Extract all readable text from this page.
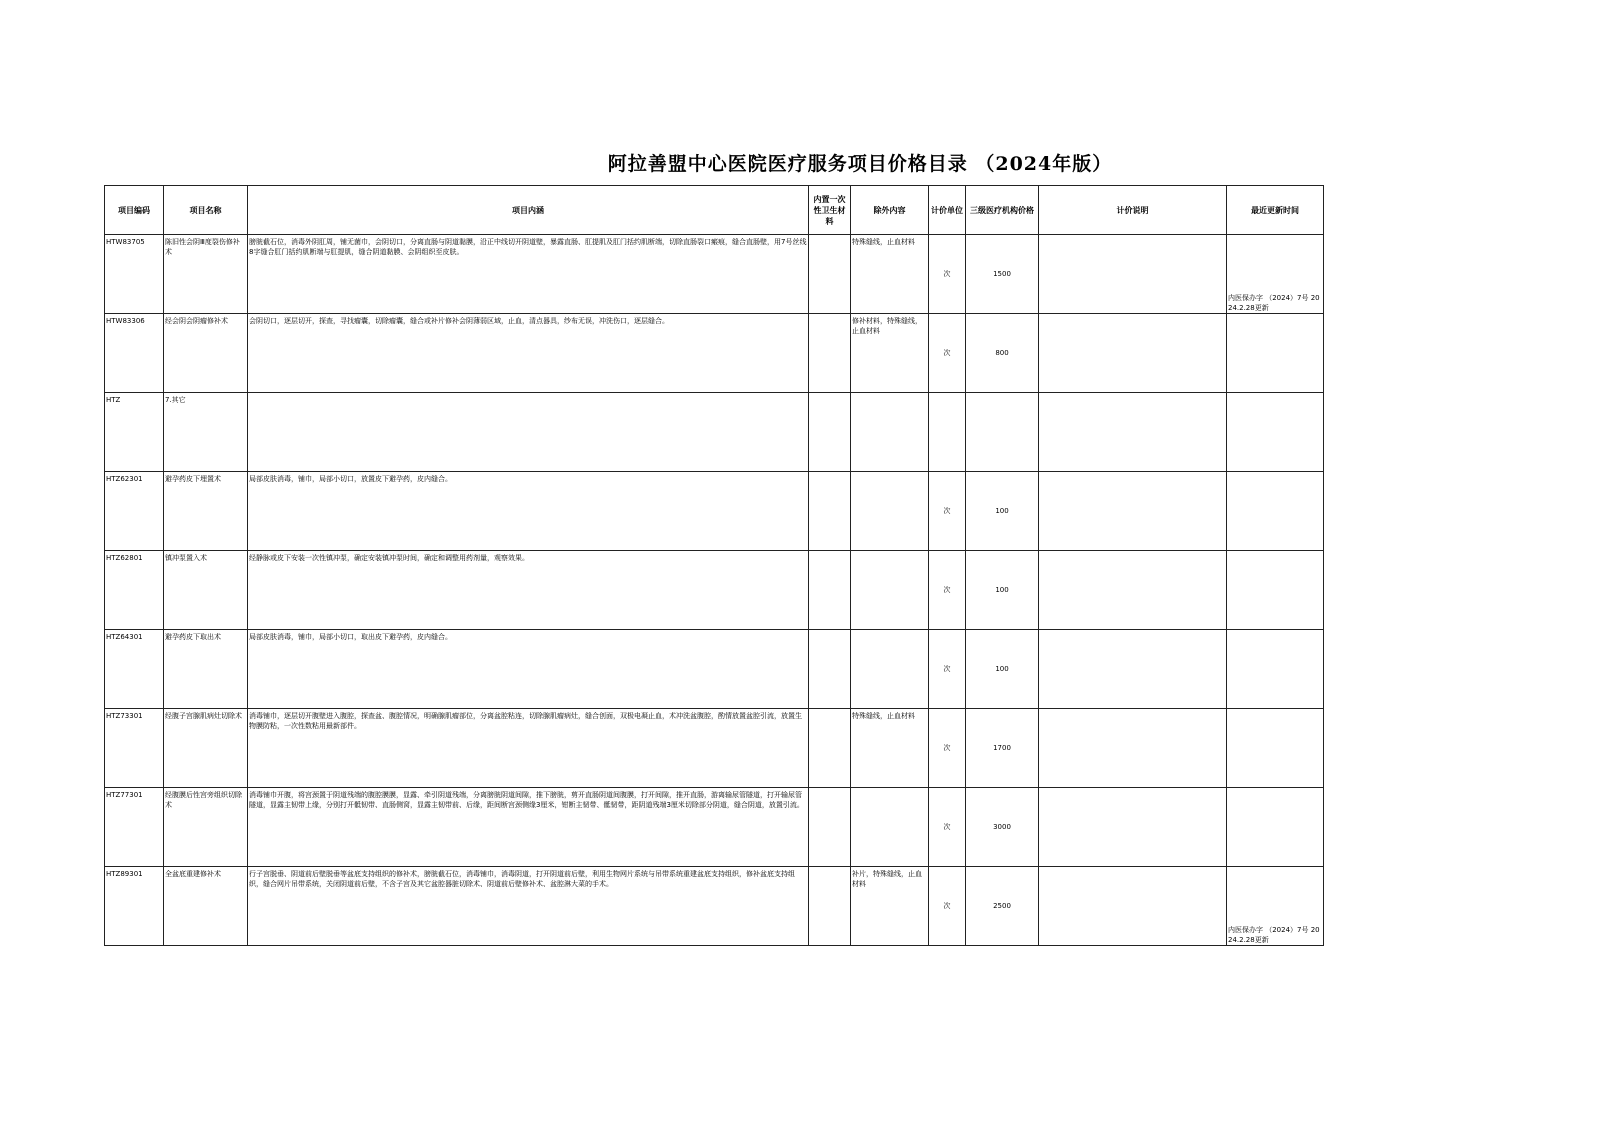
阿拉善盟中心医院医疗服务项目价格目录 （2024年版）
项目编码	项目名称	项目内涵	内置一次性卫生材料	除外内容	计价单位	三级医疗机构价格	计价说明	最近更新时间
HTW83705	陈旧性会阴Ⅲ度裂伤修补术	膀胱截石位，消毒外阴肛周，铺无菌巾，会阴切口，分离直肠与阴道黏膜，沿正中线切开阴道壁，暴露直肠、肛提肌及肛门括约肌断端，切除直肠裂口瘢痕，缝合直肠壁，用7号丝线8字缝合肛门括约肌断端与肛提肌，缝合阴道黏膜、会阴组织至皮肤。		特殊缝线，止血材料	次	1500		内医保办字 （2024）7号 2024.2.28更新
HTW83306	经会阴会阴瘤修补术	会阴切口，逐层切开，探查，寻找瘤囊，切除瘤囊，缝合或补片修补会阴薄弱区域，止血，清点器具，纱布无误，冲洗伤口，逐层缝合。		修补材料，特殊缝线，止血材料	次	800		
HTZ	7.其它							
HTZ62301	避孕药皮下埋置术	局部皮肤消毒，铺巾，局部小切口，放置皮下避孕药，皮内缝合。			次	100		
HTZ62801	镇冲泵置入术	经静脉或皮下安装一次性镇冲泵，确定安装镇冲泵时间，确定和调整用药剂量，观察效果。			次	100		
HTZ64301	避孕药皮下取出术	局部皮肤消毒，铺巾，局部小切口，取出皮下避孕药，皮内缝合。			次	100		
HTZ73301	经腹子宫腺肌病灶切除术	消毒铺巾，逐层切开腹壁进入腹腔，探查盆、腹腔情况，明确腺肌瘤部位，分离盆腔粘连，切除腺肌瘤病灶，缝合创面，双极电凝止血，术冲洗盆腹腔，酌情放置盆腔引流，放置生物膜防粘，一次性数粘用最新部件。		特殊缝线，止血材料	次	1700		
HTZ77301	经腹膜后性宫旁组织切除术	消毒铺巾开腹，将宫颈置于阴道残端的腹腔膜膜，显露、牵引阴道残端，分离膀胱阴道间隙，推下膀胱，剪开直肠阴道间腹膜，打开间隙，推开直肠，游离输尿管隧道，打开输尿管隧道，显露主韧带上缘，分别打开骶韧带、直肠侧窝，显露主韧带前、后缘，距间断宫颈侧缘3厘米，钳断主韧带、骶韧带，距阴道残端3厘米切除部分阴道，缝合阴道，放置引流。			次	3000		
HTZ89301	全盆底重建修补术	行子宫脱垂、阴道前后壁脱垂等盆底支持组织的修补术，膀胱截石位，消毒铺巾，消毒阴道，打开阴道前后壁，利用生物网片系统与吊带系统重建盆底支持组织，修补盆底支持组织，缝合网片吊带系统，关闭阴道前后壁，不含子宫及其它盆腔器脏切除术、阴道前后壁修补术、盆腔淋大菜的手术。		补片，特殊缝线，止血材料	次	2500		内医保办字 （2024）7号 2024.2.28更新
